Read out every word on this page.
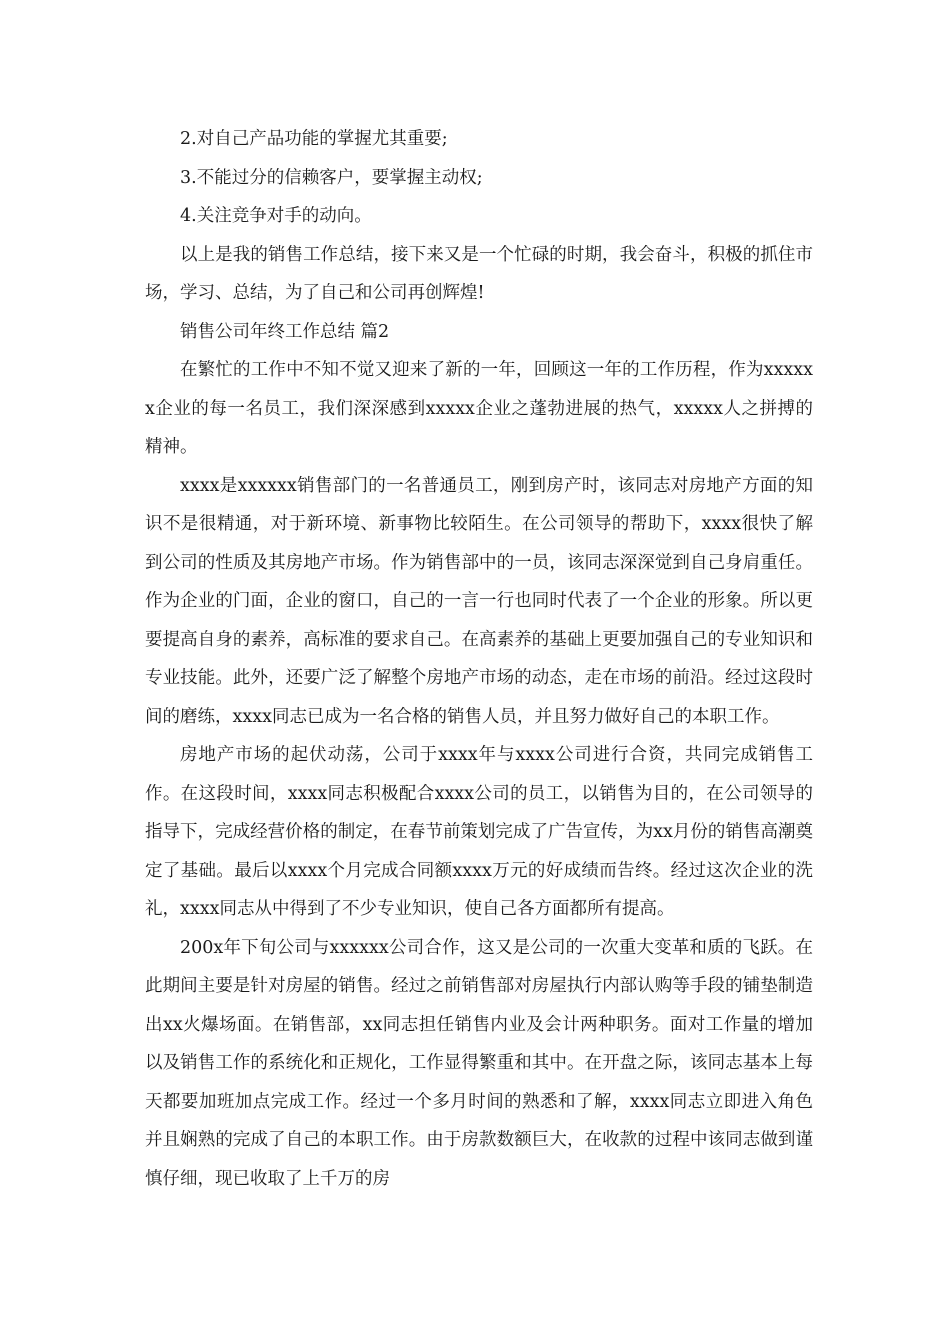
2.对自己产品功能的掌握尤其重要;

3.不能过分的信赖客户，要掌握主动权;

4.关注竞争对手的动向。

以上是我的销售工作总结，接下来又是一个忙碌的时期，我会奋斗，积极的抓住市场，学习、总结，为了自己和公司再创辉煌!

销售公司年终工作总结 篇2

在繁忙的工作中不知不觉又迎来了新的一年，回顾这一年的工作历程，作为xxxxxx企业的每一名员工，我们深深感到xxxxx企业之蓬勃进展的热气，xxxxx人之拼搏的精神。

xxxx是xxxxxx销售部门的一名普通员工，刚到房产时，该同志对房地产方面的知识不是很精通，对于新环境、新事物比较陌生。在公司领导的帮助下，xxxx很快了解到公司的性质及其房地产市场。作为销售部中的一员，该同志深深觉到自己身肩重任。作为企业的门面，企业的窗口，自己的一言一行也同时代表了一个企业的形象。所以更要提高自身的素养，高标准的要求自己。在高素养的基础上更要加强自己的专业知识和专业技能。此外，还要广泛了解整个房地产市场的动态，走在市场的前沿。经过这段时间的磨练，xxxx同志已成为一名合格的销售人员，并且努力做好自己的本职工作。

房地产市场的起伏动荡，公司于xxxx年与xxxx公司进行合资，共同完成销售工作。在这段时间，xxxx同志积极配合xxxx公司的员工，以销售为目的，在公司领导的指导下，完成经营价格的制定，在春节前策划完成了广告宣传，为xx月份的销售高潮奠定了基础。最后以xxxx个月完成合同额xxxx万元的好成绩而告终。经过这次企业的洗礼，xxxx同志从中得到了不少专业知识，使自己各方面都所有提高。

200x年下旬公司与xxxxxx公司合作，这又是公司的一次重大变革和质的飞跃。在此期间主要是针对房屋的销售。经过之前销售部对房屋执行内部认购等手段的铺垫制造出xx火爆场面。在销售部，xx同志担任销售内业及会计两种职务。面对工作量的增加以及销售工作的系统化和正规化，工作显得繁重和其中。在开盘之际，该同志基本上每天都要加班加点完成工作。经过一个多月时间的熟悉和了解，xxxx同志立即进入角色并且娴熟的完成了自己的本职工作。由于房款数额巨大，在收款的过程中该同志做到谨慎仔细，现已收取了上千万的房
